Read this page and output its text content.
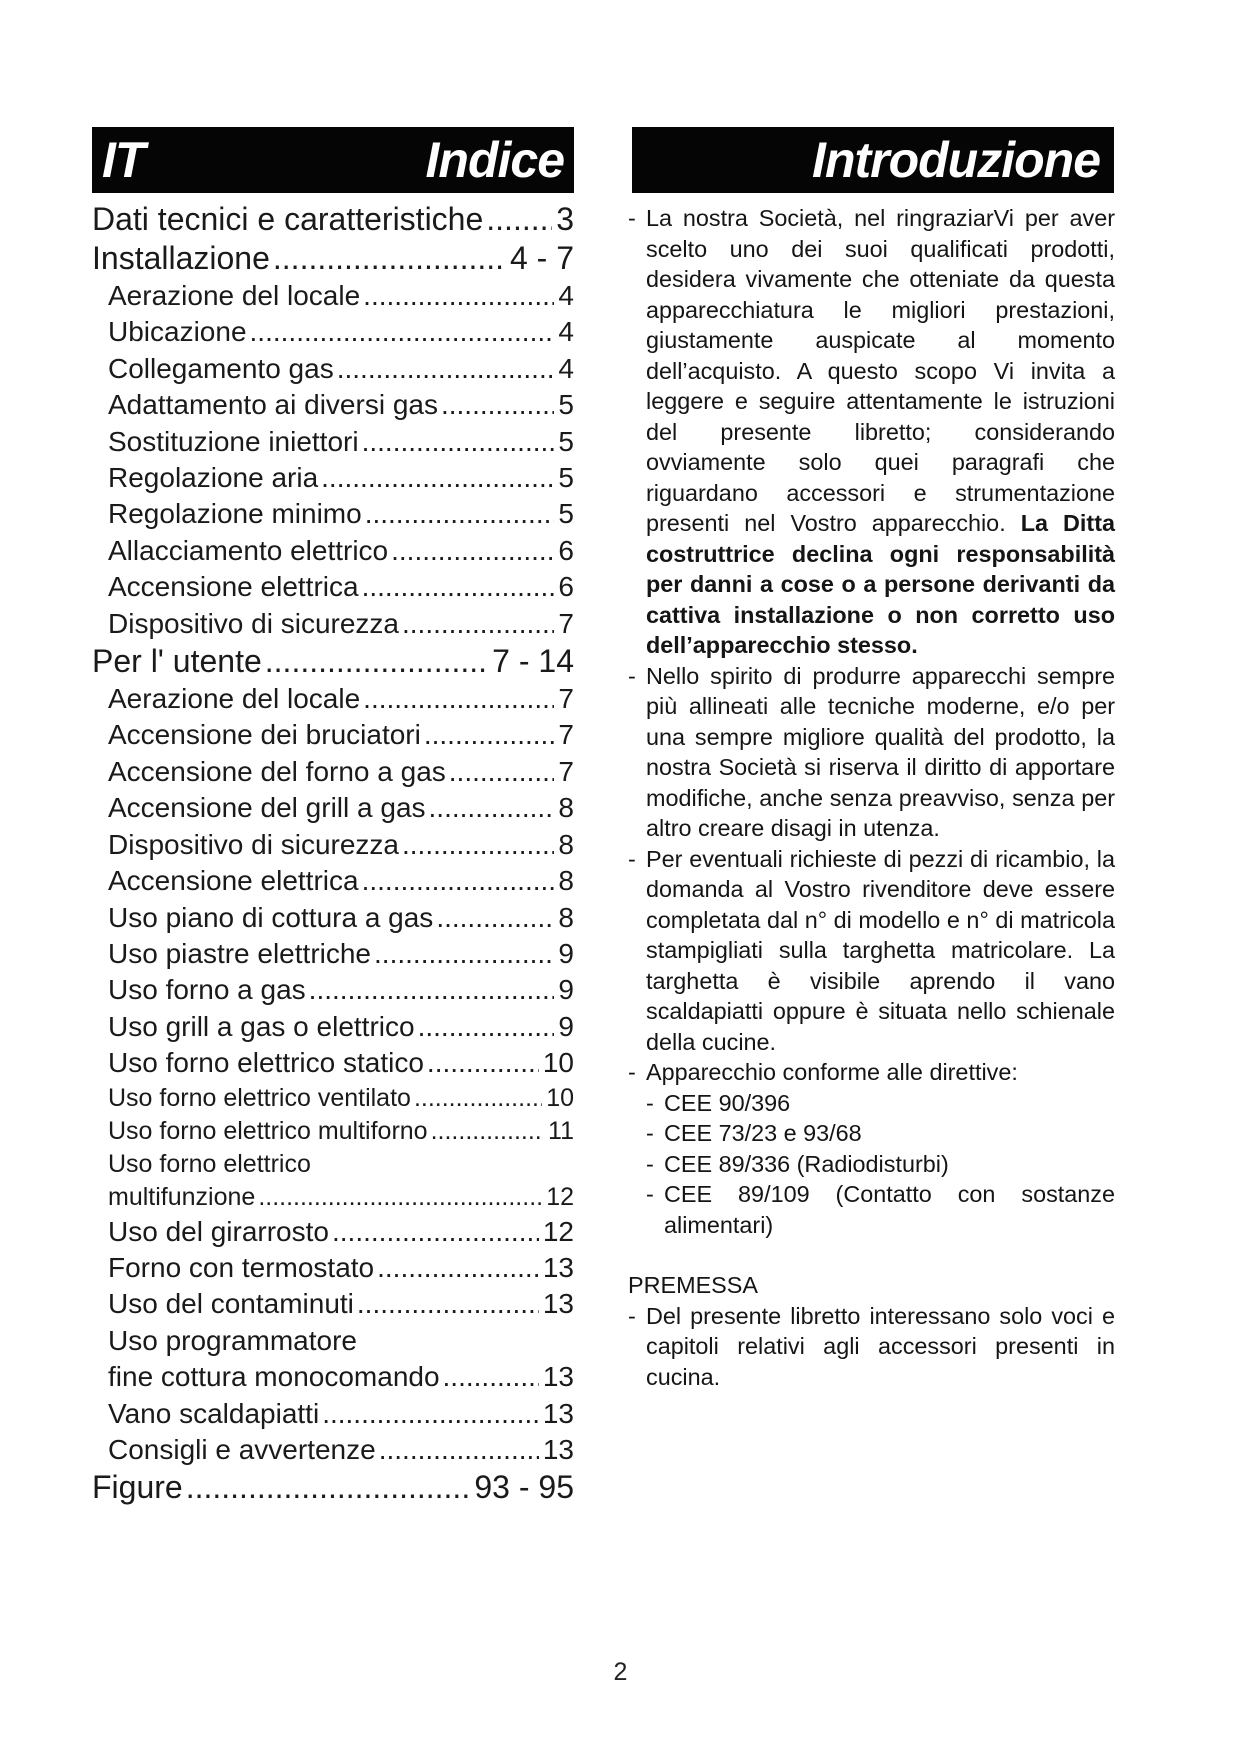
IT	Indice	Introduzione
Dati tecnici e caratteristiche ..... 3
Installazione .....	4 - 7
Aerazione del locale .....	4
Ubicazione .....	4
Collegamento gas .....	4
Adattamento ai diversi gas .....	5
Sostituzione iniettori .....	5
Regolazione aria .....	5
Regolazione minimo .....	5
Allacciamento elettrico .....	6
Accensione elettrica .....	6
Dispositivo di sicurezza .....	7
Per l' utente .....	7 - 14
Aerazione del locale .....	7
Accensione dei bruciatori .....	7
Accensione del forno a gas .....	7
Accensione del grill a gas .....	8
Dispositivo di sicurezza .....	8
Accensione elettrica .....	8
Uso piano di cottura a gas .....	8
Uso piastre elettriche .....	9
Uso forno a gas .....	9
Uso grill a gas o elettrico .....	9
Uso forno elettrico statico .....	10
Uso forno elettrico ventilato .....	10
Uso forno elettrico multiforno .....	11
Uso forno elettrico
multifunzione .....	12
Uso del girarrosto .....	12
Forno con termostato .....	13
Uso del contaminuti .....	13
Uso programmatore
fine cottura monocomando .....	13
Vano scaldapiatti .....	13
Consigli e avvertenze .....	13
Figure .....	93 - 95
- La nostra Società, nel ringraziarVi per aver scelto uno dei suoi qualificati prodotti, desidera vivamente che otteniate da questa apparecchiatura le migliori prestazioni, giustamente auspicate al momento dell’acquisto. A questo scopo Vi invita a leggere e seguire attentamente le istruzioni del presente libretto; considerando ovviamente solo quei paragrafi che riguardano accessori e strumentazione presenti nel Vostro apparecchio. La Ditta costruttrice declina ogni responsabilità per danni a cose o a persone derivanti da cattiva installazione o non corretto uso dell’apparecchio stesso.
- Nello spirito di produrre apparecchi sempre più allineati alle tecniche moderne, e/o per una sempre migliore qualità del prodotto, la nostra Società si riserva il diritto di apportare modifiche, anche senza preavviso, senza per altro creare disagi in utenza.
- Per eventuali richieste di pezzi di ricambio, la domanda al Vostro rivenditore deve essere completata dal n° di modello e n° di matricola stampigliati sulla targhetta matricolare. La targhetta è visibile aprendo il vano scaldapiatti oppure è situata nello schienale della cucine.
- Apparecchio conforme alle direttive:
- CEE 90/396
- CEE 73/23 e 93/68
- CEE 89/336 (Radiodisturbi)
- CEE 89/109 (Contatto con sostanze alimentari)
PREMESSA
- Del presente libretto interessano solo voci e capitoli relativi agli accessori presenti in cucina.
2
